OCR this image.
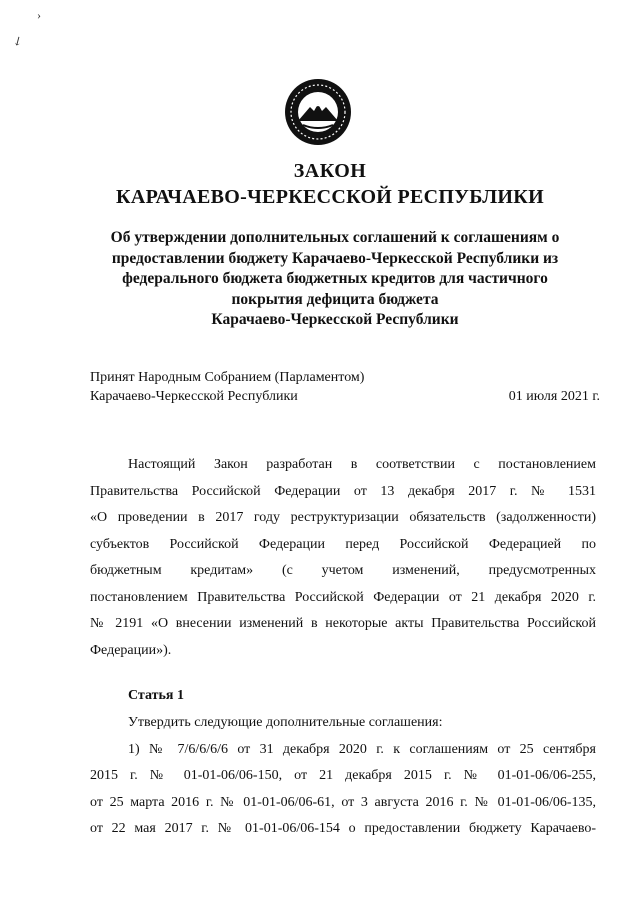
›
↙
ЗАКОН
КАРАЧАЕВО-ЧЕРКЕССКОЙ РЕСПУБЛИКИ
Об утверждении дополнительных соглашений к соглашениям о
предоставлении бюджету Карачаево-Черкесской Республики из
федерального бюджета бюджетных кредитов для частичного
покрытия дефицита бюджета
Карачаево-Черкесской Республики
Принят Народным Собранием (Парламентом)
Карачаево-Черкесской Республики	01 июля 2021 г.
Настоящий Закон разработан в соответствии с постановлением
Правительства Российской Федерации от 13 декабря 2017 г. № 1531
«О проведении в 2017 году реструктуризации обязательств (задолженности)
субъектов Российской Федерации перед Российской Федерацией по
бюджетным кредитам» (с учетом изменений, предусмотренных
постановлением Правительства Российской Федерации от 21 декабря 2020 г.
№ 2191 «О внесении изменений в некоторые акты Правительства Российской
Федерации»).
Статья 1
Утвердить следующие дополнительные соглашения:
1) № 7/6/6/6/6 от 31 декабря 2020 г. к соглашениям от 25 сентября
2015 г. № 01-01-06/06-150, от 21 декабря 2015 г. № 01-01-06/06-255,
от 25 марта 2016 г. № 01-01-06/06-61, от 3 августа 2016 г. № 01-01-06/06-135,
от 22 мая 2017 г. № 01-01-06/06-154 о предоставлении бюджету Карачаево-
